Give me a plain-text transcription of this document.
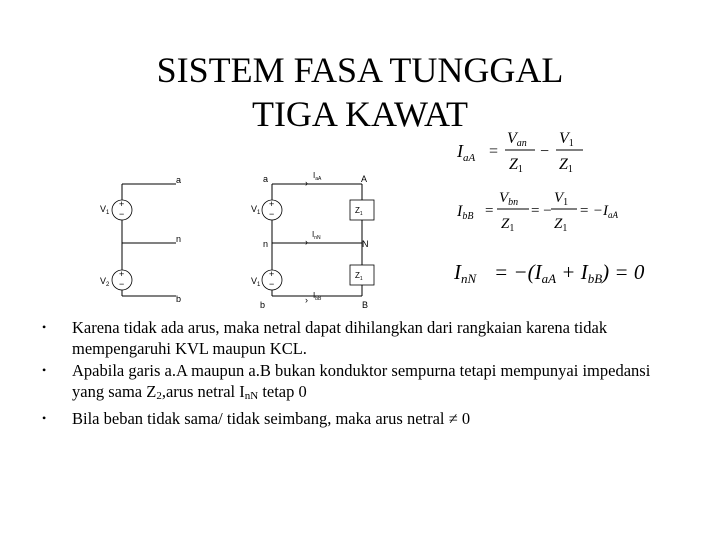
SISTEM FASA TUNGGAL
TIGA KAWAT
+
−
+
−
$V_1$
$V_2$
a
n
b
+
−
+
−
$V_1$
$V_1$
a
n
b
›
›
›
$I_{aA}$
$I_{nN}$
$I_{bB}$
$Z_1$
$Z_1$
A
N
B
$I_{aA}$ =
Van
Z1
−
V1
Z1
IbB =
$V_{bn}$
$Z_1$
= −
$V_1$
$Z_1$
= $-I_{aA}$
InN = −(IaA + IbB) = 0
•	Karena tidak ada arus, maka netral dapat dihilangkan dari rangkaian karena tidak mempengaruhi KVL maupun KCL.
•	Apabila garis a.A maupun a.B bukan konduktor sempurna tetapi mempunyai impedansi yang sama $Z_2,arus$ netral $I_{nN}$ tetap 0
•	Bila beban tidak sama/ tidak seimbang, maka arus netral ≠ 0
